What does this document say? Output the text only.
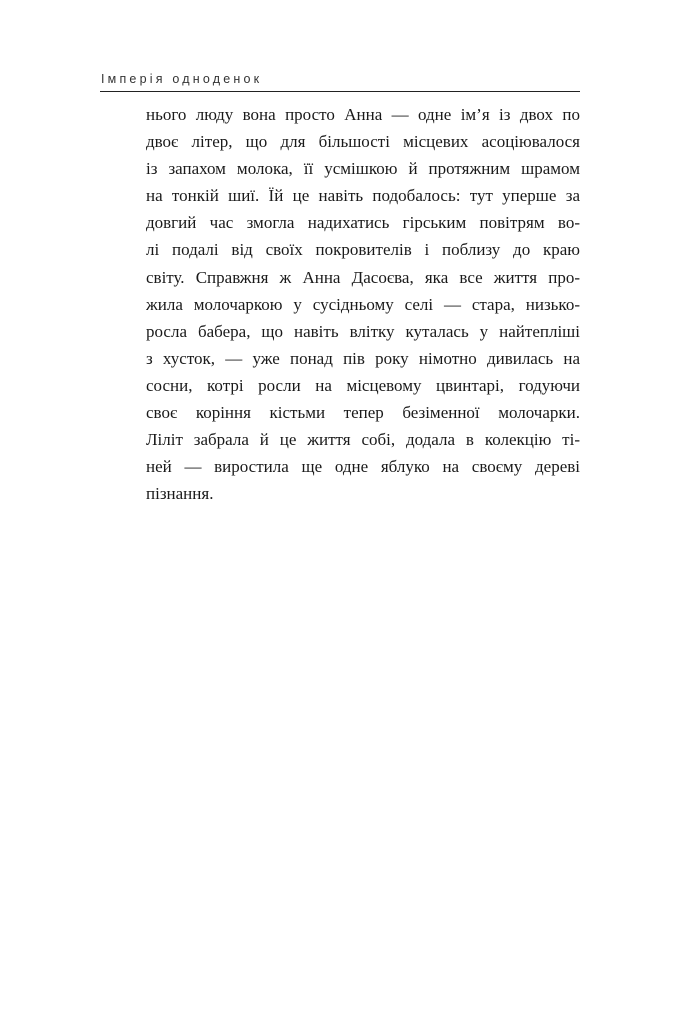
Імперія одноденок
нього люду вона просто Анна — одне ім’я із двох по
двоє літер, що для більшості місцевих асоціювалося
із запахом молока, її усмішкою й протяжним шрамом
на тонкій шиї. Їй це навіть подобалось: тут уперше за
довгий час змогла надихатись гірським повітрям во-
лі подалі від своїх покровителів і поблизу до краю
світу. Справжня ж Анна Дасоєва, яка все життя про-
жила молочаркою у сусідньому селі — стара, низько-
росла бабера, що навіть влітку куталась у найтепліші
з хусток, — уже понад пів року німотно дивилась на
сосни, котрі росли на місцевому цвинтарі, годуючи
своє коріння кістьми тепер безіменної молочарки.
Ліліт забрала й це життя собі, додала в колекцію ті-
ней — виростила ще одне яблуко на своєму дереві
пізнання.
